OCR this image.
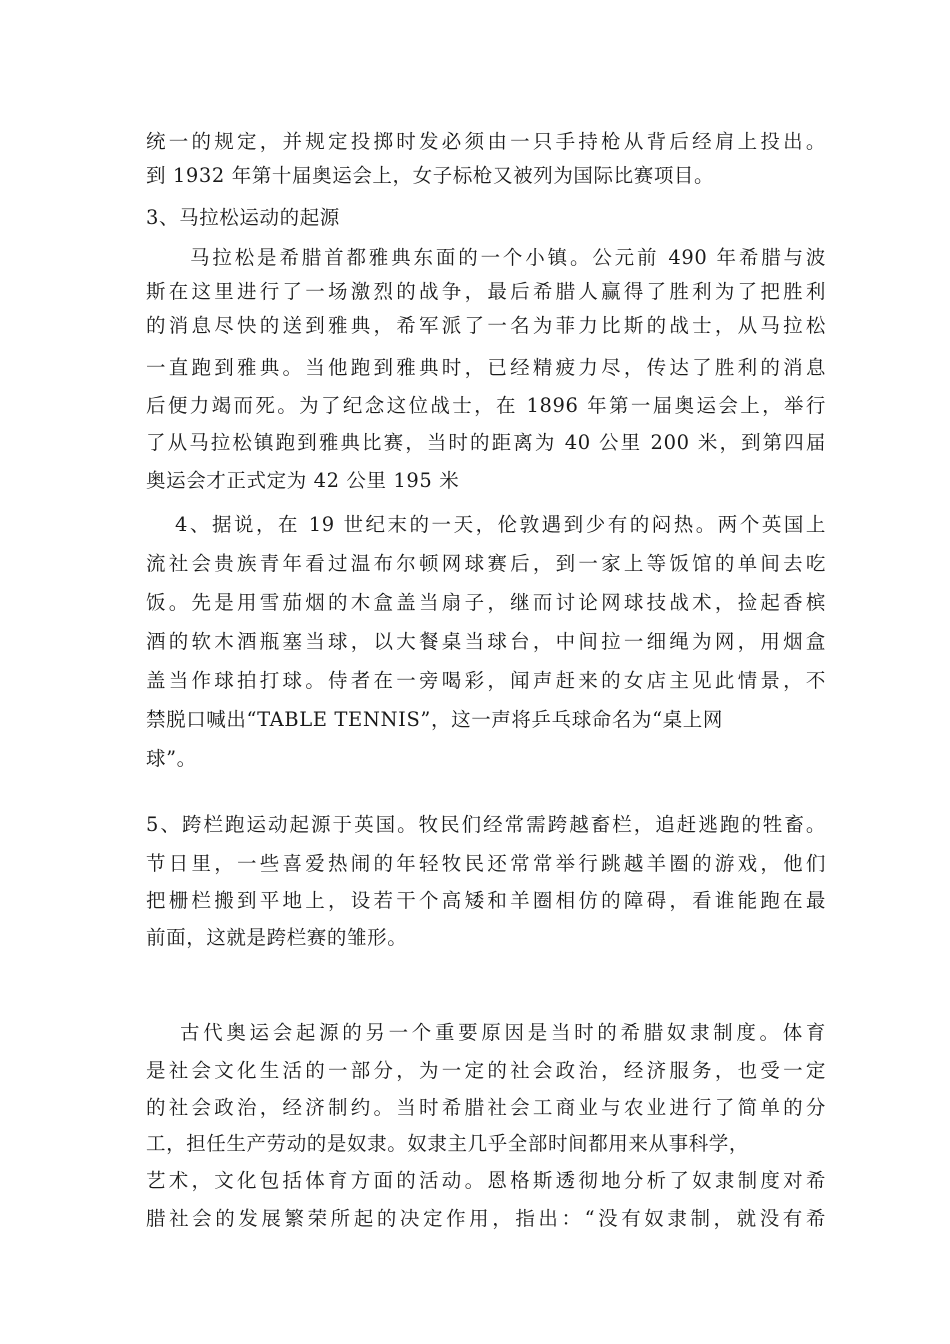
统一的规定，并规定投掷时发必须由一只手持枪从背后经肩上投出。
到 1932 年第十届奥运会上，女子标枪又被列为国际比赛项目。
3、马拉松运动的起源
马拉松是希腊首都雅典东面的一个小镇。公元前 490 年希腊与波
斯在这里进行了一场激烈的战争，最后希腊人赢得了胜利为了把胜利
的消息尽快的送到雅典，希军派了一名为菲力比斯的战士，从马拉松
一直跑到雅典。当他跑到雅典时，已经精疲力尽，传达了胜利的消息
后便力竭而死。为了纪念这位战士，在 1896 年第一届奥运会上，举行
了从马拉松镇跑到雅典比赛，当时的距离为 40 公里 200 米，到第四届
奥运会才正式定为 42 公里 195 米
4、据说，在 19 世纪末的一天，伦敦遇到少有的闷热。两个英国上
流社会贵族青年看过温布尔顿网球赛后，到一家上等饭馆的单间去吃
饭。先是用雪茄烟的木盒盖当扇子，继而讨论网球技战术，捡起香槟
酒的软木酒瓶塞当球，以大餐桌当球台，中间拉一细绳为网，用烟盒
盖当作球拍打球。侍者在一旁喝彩，闻声赶来的女店主见此情景，不
禁脱口喊出“TABLE TENNIS”，这一声将乒乓球命名为“桌上网
球”。
5、跨栏跑运动起源于英国。牧民们经常需跨越畜栏，追赶逃跑的牲畜。
节日里，一些喜爱热闹的年轻牧民还常常举行跳越羊圈的游戏，他们
把栅栏搬到平地上，设若干个高矮和羊圈相仿的障碍，看谁能跑在最
前面，这就是跨栏赛的雏形。
古代奥运会起源的另一个重要原因是当时的希腊奴隶制度。体育
是社会文化生活的一部分，为一定的社会政治，经济服务，也受一定
的社会政治，经济制约。当时希腊社会工商业与农业进行了简单的分
工，担任生产劳动的是奴隶。奴隶主几乎全部时间都用来从事科学，
艺术，文化包括体育方面的活动。恩格斯透彻地分析了奴隶制度对希
腊社会的发展繁荣所起的决定作用，指出：“没有奴隶制，就没有希
